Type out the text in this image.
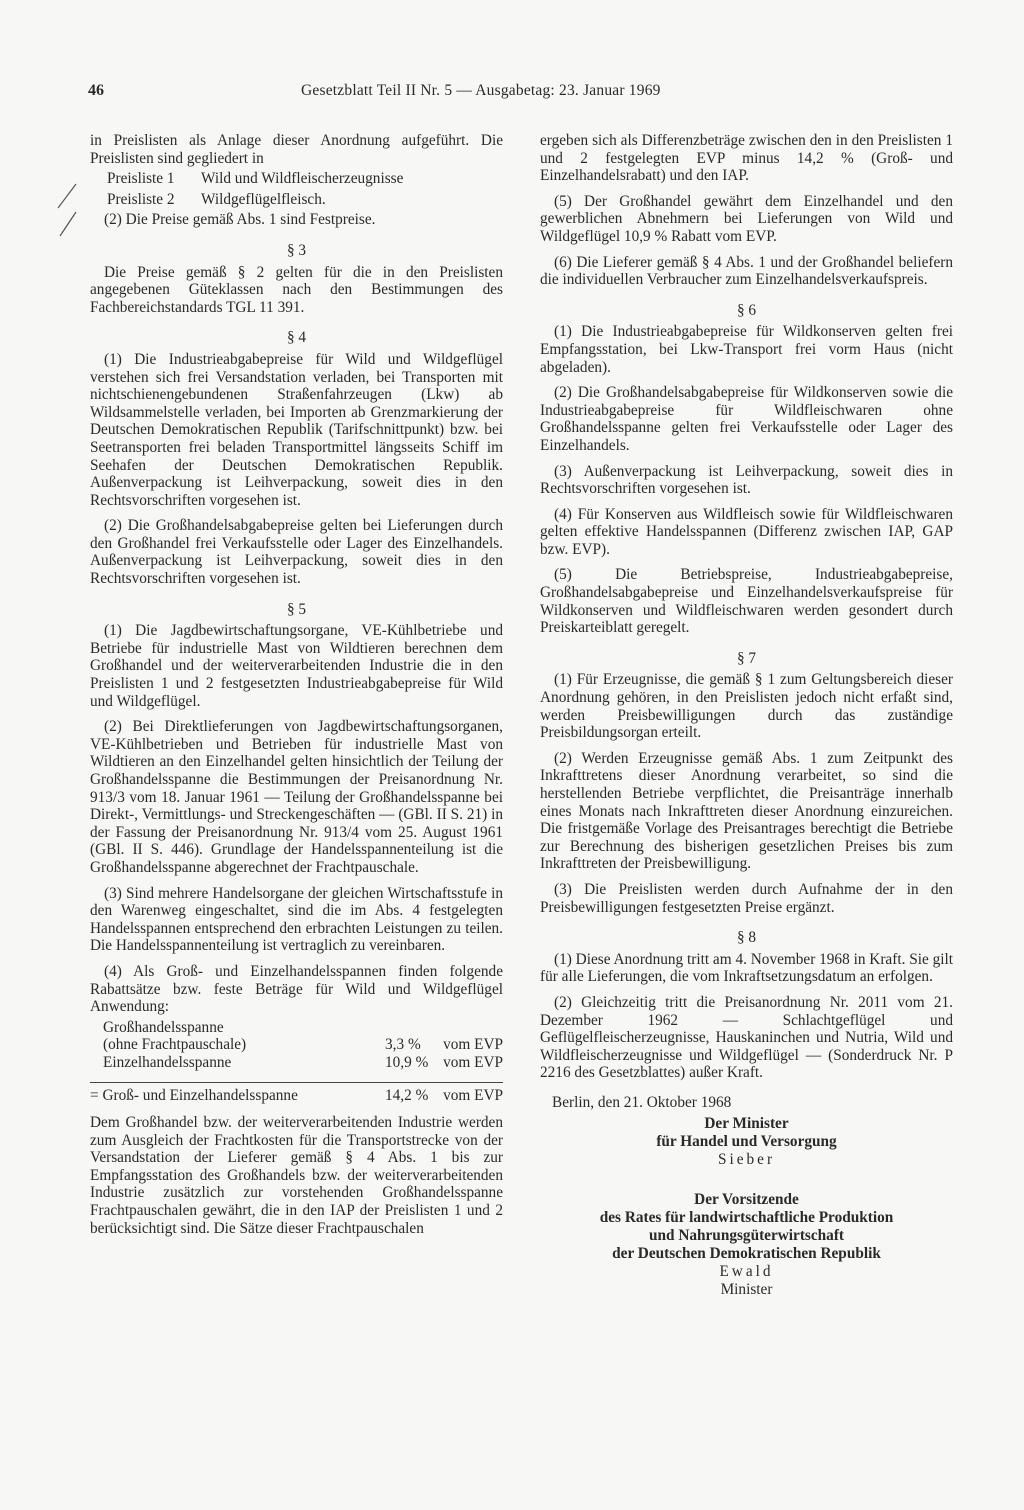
46	Gesetzblatt Teil II Nr. 5 — Ausgabetag: 23. Januar 1969

in Preislisten als Anlage dieser Anordnung aufgeführt. Die Preislisten sind gegliedert in

Preisliste 1	Wild und Wildfleischerzeugnisse
Preisliste 2	Wildgeflügelfleisch.

(2) Die Preise gemäß Abs. 1 sind Festpreise.

§ 3

Die Preise gemäß § 2 gelten für die in den Preislisten angegebenen Güteklassen nach den Bestimmungen des Fachbereichstandards TGL 11 391.

§ 4

(1) Die Industrieabgabepreise für Wild und Wildgeflügel verstehen sich frei Versandstation verladen, bei Transporten mit nichtschienengebundenen Straßenfahrzeugen (Lkw) ab Wildsammelstelle verladen, bei Importen ab Grenzmarkierung der Deutschen Demokratischen Republik (Tarifschnittpunkt) bzw. bei Seetransporten frei beladen Transportmittel längsseits Schiff im Seehafen der Deutschen Demokratischen Republik. Außenverpackung ist Leihverpackung, soweit dies in den Rechtsvorschriften vorgesehen ist.

(2) Die Großhandelsabgabepreise gelten bei Lieferungen durch den Großhandel frei Verkaufsstelle oder Lager des Einzelhandels. Außenverpackung ist Leihverpackung, soweit dies in den Rechtsvorschriften vorgesehen ist.

§ 5

(1) Die Jagdbewirtschaftungsorgane, VE-Kühlbetriebe und Betriebe für industrielle Mast von Wildtieren berechnen dem Großhandel und der weiterverarbeitenden Industrie die in den Preislisten 1 und 2 festgesetzten Industrieabgabepreise für Wild und Wildgeflügel.

(2) Bei Direktlieferungen von Jagdbewirtschaftungsorganen, VE-Kühlbetrieben und Betrieben für industrielle Mast von Wildtieren an den Einzelhandel gelten hinsichtlich der Teilung der Großhandelsspanne die Bestimmungen der Preisanordnung Nr. 913/3 vom 18. Januar 1961 — Teilung der Großhandelsspanne bei Direkt-, Vermittlungs- und Streckengeschäften — (GBl. II S. 21) in der Fassung der Preisanordnung Nr. 913/4 vom 25. August 1961 (GBl. II S. 446). Grundlage der Handelsspannenteilung ist die Großhandelsspanne abgerechnet der Frachtpauschale.

(3) Sind mehrere Handelsorgane der gleichen Wirtschaftsstufe in den Warenweg eingeschaltet, sind die im Abs. 4 festgelegten Handelsspannen entsprechend den erbrachten Leistungen zu teilen. Die Handelsspannenteilung ist vertraglich zu vereinbaren.

(4) Als Groß- und Einzelhandelsspannen finden folgende Rabattsätze bzw. feste Beträge für Wild und Wildgeflügel Anwendung:

Großhandelsspanne
(ohne Frachtpauschale)	3,3 % vom EVP
Einzelhandelsspanne	10,9 % vom EVP
= Groß- und Einzelhandelsspanne	14,2 % vom EVP

Dem Großhandel bzw. der weiterverarbeitenden Industrie werden zum Ausgleich der Frachtkosten für die Transportstrecke von der Versandstation der Lieferer gemäß § 4 Abs. 1 bis zur Empfangsstation des Großhandels bzw. der weiterverarbeitenden Industrie zusätzlich zur vorstehenden Großhandelsspanne Frachtpauschalen gewährt, die in den IAP der Preislisten 1 und 2 berücksichtigt sind. Die Sätze dieser Frachtpauschalen

ergeben sich als Differenzbeträge zwischen den in den Preislisten 1 und 2 festgelegten EVP minus 14,2 % (Groß- und Einzelhandelsrabatt) und den IAP.

(5) Der Großhandel gewährt dem Einzelhandel und den gewerblichen Abnehmern bei Lieferungen von Wild und Wildgeflügel 10,9 % Rabatt vom EVP.

(6) Die Lieferer gemäß § 4 Abs. 1 und der Großhandel beliefern die individuellen Verbraucher zum Einzelhandelsverkaufspreis.

§ 6

(1) Die Industrieabgabepreise für Wildkonserven gelten frei Empfangsstation, bei Lkw-Transport frei vorm Haus (nicht abgeladen).

(2) Die Großhandelsabgabepreise für Wildkonserven sowie die Industrieabgabepreise für Wildfleischwaren ohne Großhandelsspanne gelten frei Verkaufsstelle oder Lager des Einzelhandels.

(3) Außenverpackung ist Leihverpackung, soweit dies in Rechtsvorschriften vorgesehen ist.

(4) Für Konserven aus Wildfleisch sowie für Wildfleischwaren gelten effektive Handelsspannen (Differenz zwischen IAP, GAP bzw. EVP).

(5) Die Betriebspreise, Industrieabgabepreise, Großhandelsabgabepreise und Einzelhandelsverkaufspreise für Wildkonserven und Wildfleischwaren werden gesondert durch Preiskarteiblatt geregelt.

§ 7

(1) Für Erzeugnisse, die gemäß § 1 zum Geltungsbereich dieser Anordnung gehören, in den Preislisten jedoch nicht erfaßt sind, werden Preisbewilligungen durch das zuständige Preisbildungsorgan erteilt.

(2) Werden Erzeugnisse gemäß Abs. 1 zum Zeitpunkt des Inkrafttretens dieser Anordnung verarbeitet, so sind die herstellenden Betriebe verpflichtet, die Preisanträge innerhalb eines Monats nach Inkrafttreten dieser Anordnung einzureichen. Die fristgemäße Vorlage des Preisantrages berechtigt die Betriebe zur Berechnung des bisherigen gesetzlichen Preises bis zum Inkrafttreten der Preisbewilligung.

(3) Die Preislisten werden durch Aufnahme der in den Preisbewilligungen festgesetzten Preise ergänzt.

§ 8

(1) Diese Anordnung tritt am 4. November 1968 in Kraft. Sie gilt für alle Lieferungen, die vom Inkraftsetzungsdatum an erfolgen.

(2) Gleichzeitig tritt die Preisanordnung Nr. 2011 vom 21. Dezember 1962 — Schlachtgeflügel und Geflügelfleischerzeugnisse, Hauskaninchen und Nutria, Wild und Wildfleischerzeugnisse und Wildgeflügel — (Sonderdruck Nr. P 2216 des Gesetzblattes) außer Kraft.

Berlin, den 21. Oktober 1968
Der Minister
für Handel und Versorgung
Sieber
Der Vorsitzende
des Rates für landwirtschaftliche Produktion
und Nahrungsgüterwirtschaft
der Deutschen Demokratischen Republik
Ewald
Minister
